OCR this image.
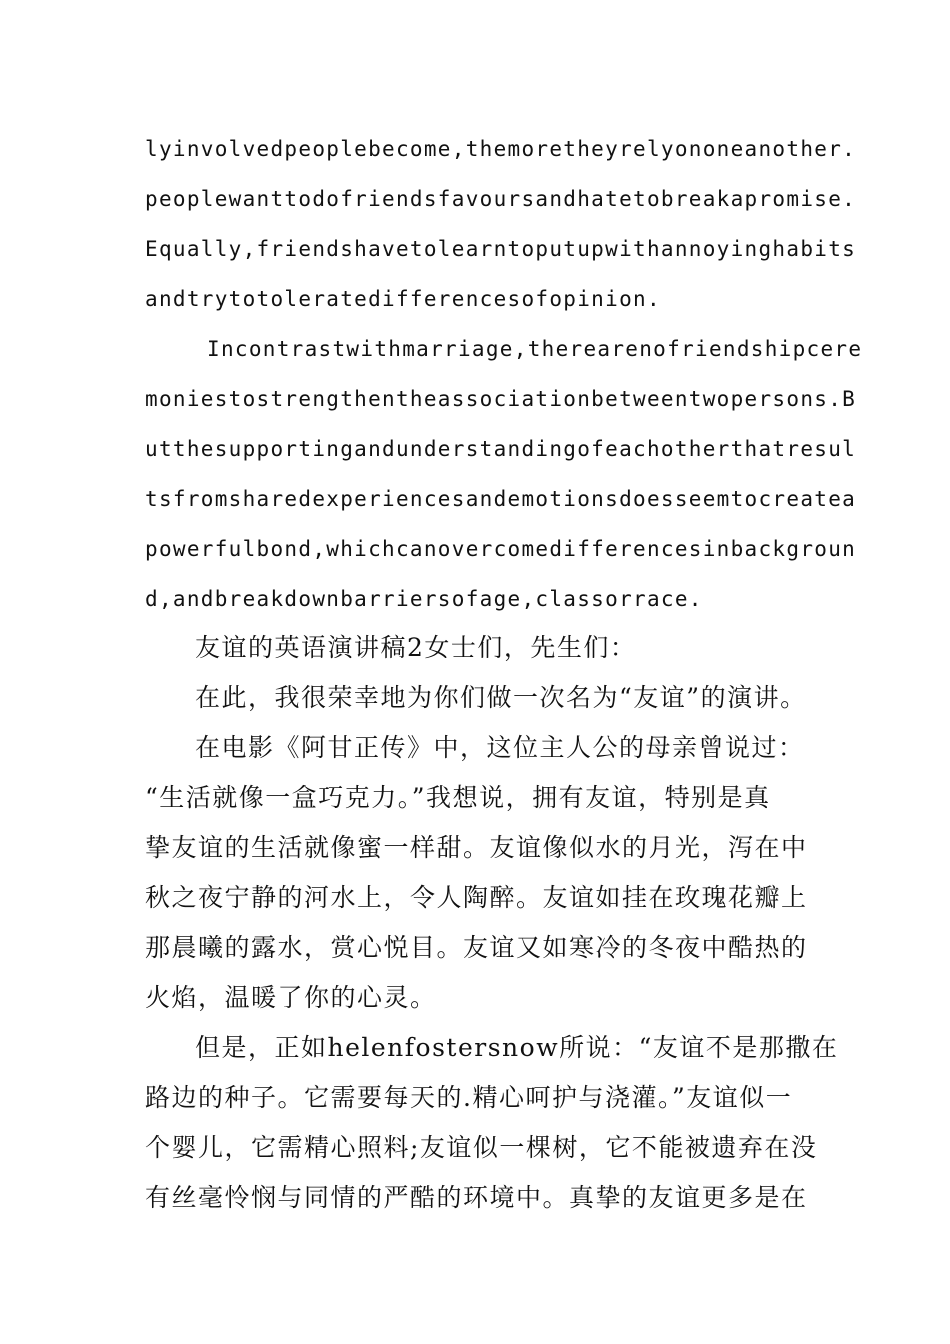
lyinvolvedpeoplebecome,themoretheyrelyononeanother.
peoplewanttodofriendsfavoursandhatetobreakapromise.
Equally,friendshavetolearntoputupwithannoyinghabits
andtrytotoleratedifferencesofopinion.
Incontrastwithmarriage,therearenofriendshipcere
moniestostrengthentheassociationbetweentwopersons.B
utthesupportingandunderstandingofeachotherthatresul
tsfromsharedexperiencesandemotionsdoesseemtocreatea
powerfulbond,whichcanovercomedifferencesinbackgroun
d,andbreakdownbarriersofage,classorrace.
友谊的英语演讲稿2女士们，先生们：
在此，我很荣幸地为你们做一次名为“友谊”的演讲。
在电影《阿甘正传》中，这位主人公的母亲曾说过：
“生活就像一盒巧克力。”我想说，拥有友谊，特别是真
挚友谊的生活就像蜜一样甜。友谊像似水的月光，泻在中
秋之夜宁静的河水上，令人陶醉。友谊如挂在玫瑰花瓣上
那晨曦的露水，赏心悦目。友谊又如寒冷的冬夜中酷热的
火焰，温暖了你的心灵。
但是，正如helenfostersnow所说：“友谊不是那撒在
路边的种子。它需要每天的.精心呵护与浇灌。”友谊似一
个婴儿，它需精心照料;友谊似一棵树，它不能被遗弃在没
有丝毫怜悯与同情的严酷的环境中。真挚的友谊更多是在
